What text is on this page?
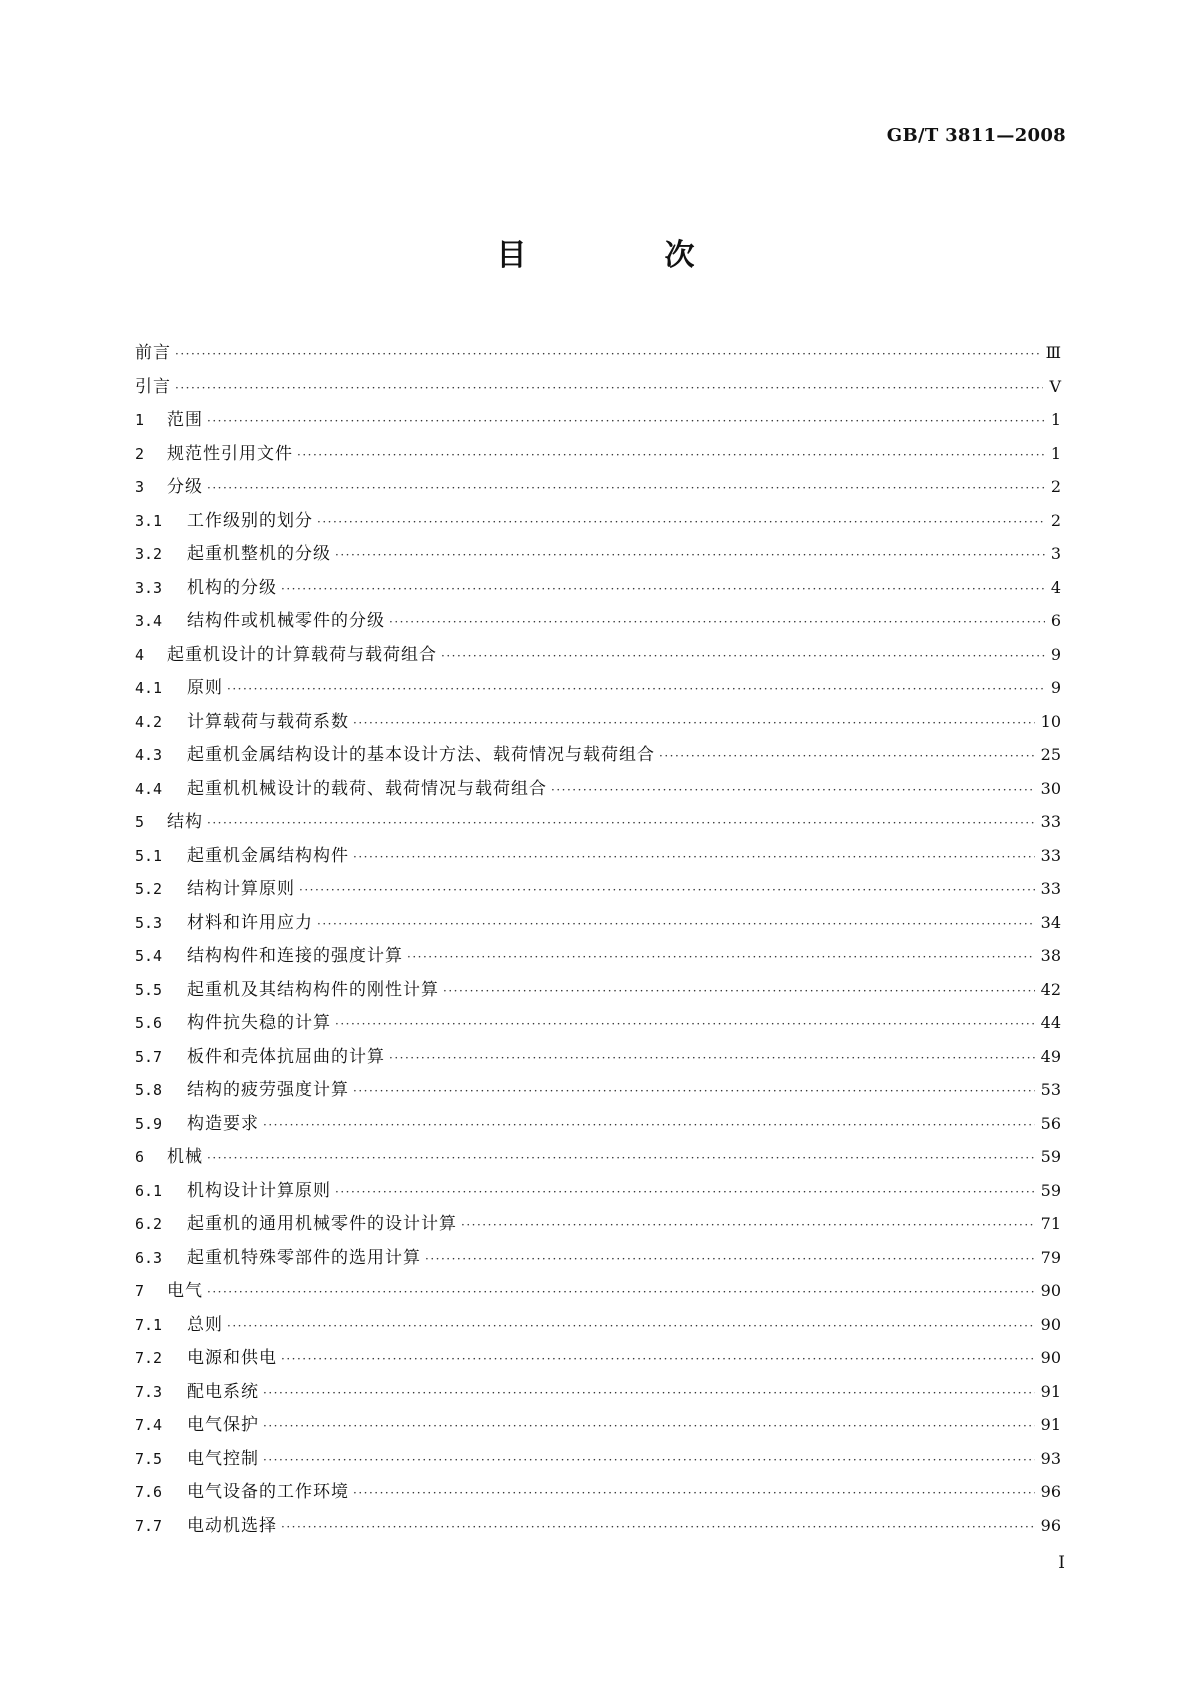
GB/T 3811—2008
目　次
前言 ·····	Ⅲ
引言 ·····	Ⅴ
1	范围 ·····	1
2	规范性引用文件 ·····	1
3	分级 ·····	2
3.1	工作级别的划分 ·····	2
3.2	起重机整机的分级 ·····	3
3.3	机构的分级 ·····	4
3.4	结构件或机械零件的分级 ·····	6
4	起重机设计的计算载荷与载荷组合 ·····	9
4.1	原则 ·····	9
4.2	计算载荷与载荷系数 ·····	10
4.3	起重机金属结构设计的基本设计方法、载荷情况与载荷组合 ·····	25
4.4	起重机机械设计的载荷、载荷情况与载荷组合 ·····	30
5	结构 ·····	33
5.1	起重机金属结构构件 ·····	33
5.2	结构计算原则 ·····	33
5.3	材料和许用应力 ·····	34
5.4	结构构件和连接的强度计算 ·····	38
5.5	起重机及其结构构件的刚性计算 ·····	42
5.6	构件抗失稳的计算 ·····	44
5.7	板件和壳体抗屈曲的计算 ·····	49
5.8	结构的疲劳强度计算 ·····	53
5.9	构造要求 ·····	56
6	机械 ·····	59
6.1	机构设计计算原则 ·····	59
6.2	起重机的通用机械零件的设计计算 ·····	71
6.3	起重机特殊零部件的选用计算 ·····	79
7	电气 ·····	90
7.1	总则 ·····	90
7.2	电源和供电 ·····	90
7.3	配电系统 ·····	91
7.4	电气保护 ·····	91
7.5	电气控制 ·····	93
7.6	电气设备的工作环境 ·····	96
7.7	电动机选择 ·····	96
Ⅰ
